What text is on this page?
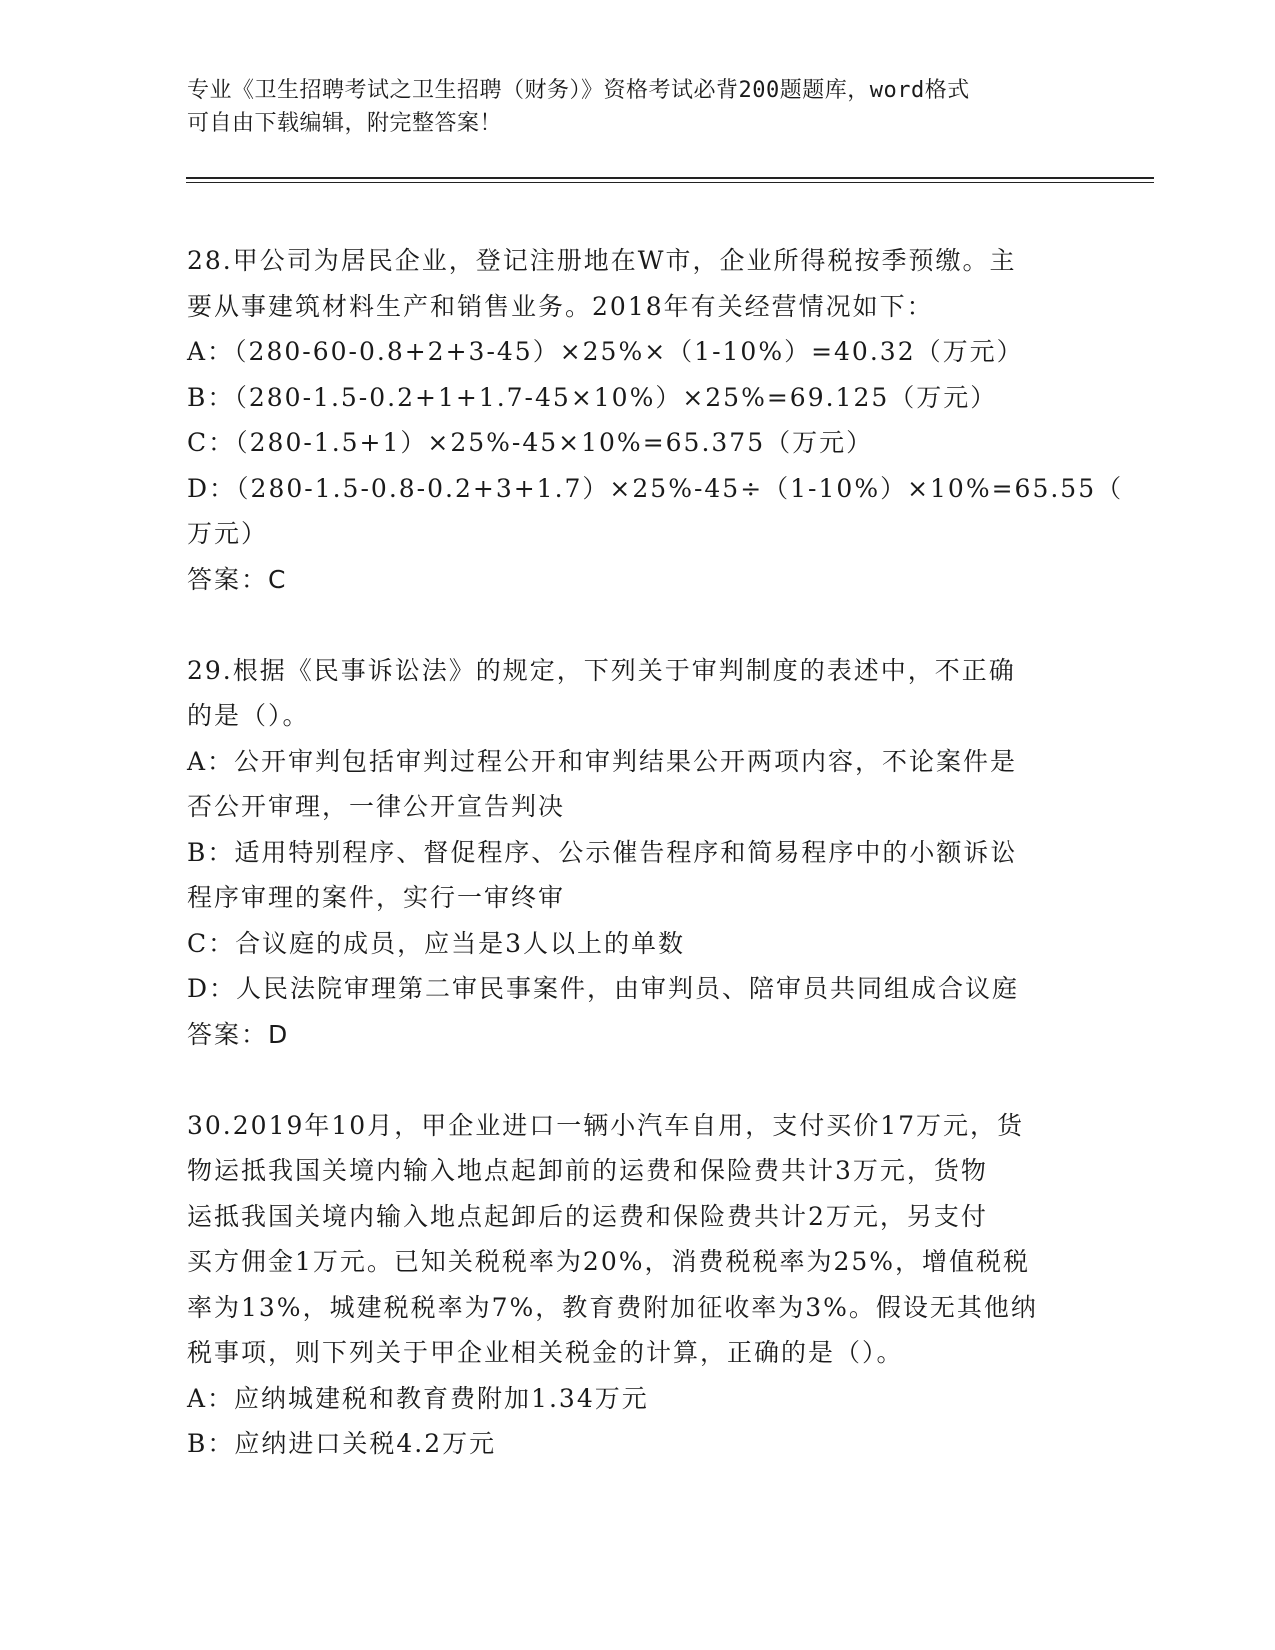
专业《卫生招聘考试之卫生招聘（财务）》资格考试必背200题题库，word格式
可自由下载编辑，附完整答案！
28.甲公司为居民企业，登记注册地在W市，企业所得税按季预缴。主
要从事建筑材料生产和销售业务。2018年有关经营情况如下：
A：（280-60-0.8+2+3-45）×25%×（1-10%）=40.32（万元）
B：（280-1.5-0.2+1+1.7-45×10%）×25%=69.125（万元）
C：（280-1.5+1）×25%-45×10%=65.375（万元）
D：（280-1.5-0.8-0.2+3+1.7）×25%-45÷（1-10%）×10%=65.55（
万元）
答案：C
29.根据《民事诉讼法》的规定，下列关于审判制度的表述中，不正确
的是（）。
A：公开审判包括审判过程公开和审判结果公开两项内容，不论案件是
否公开审理，一律公开宣告判决
B：适用特别程序、督促程序、公示催告程序和简易程序中的小额诉讼
程序审理的案件，实行一审终审
C：合议庭的成员，应当是3人以上的单数
D：人民法院审理第二审民事案件，由审判员、陪审员共同组成合议庭
答案：D
30.2019年10月，甲企业进口一辆小汽车自用，支付买价17万元，货
物运抵我国关境内输入地点起卸前的运费和保险费共计3万元，货物
运抵我国关境内输入地点起卸后的运费和保险费共计2万元，另支付
买方佣金1万元。已知关税税率为20%，消费税税率为25%，增值税税
率为13%，城建税税率为7%，教育费附加征收率为3%。假设无其他纳
税事项，则下列关于甲企业相关税金的计算，正确的是（）。
A：应纳城建税和教育费附加1.34万元
B：应纳进口关税4.2万元
